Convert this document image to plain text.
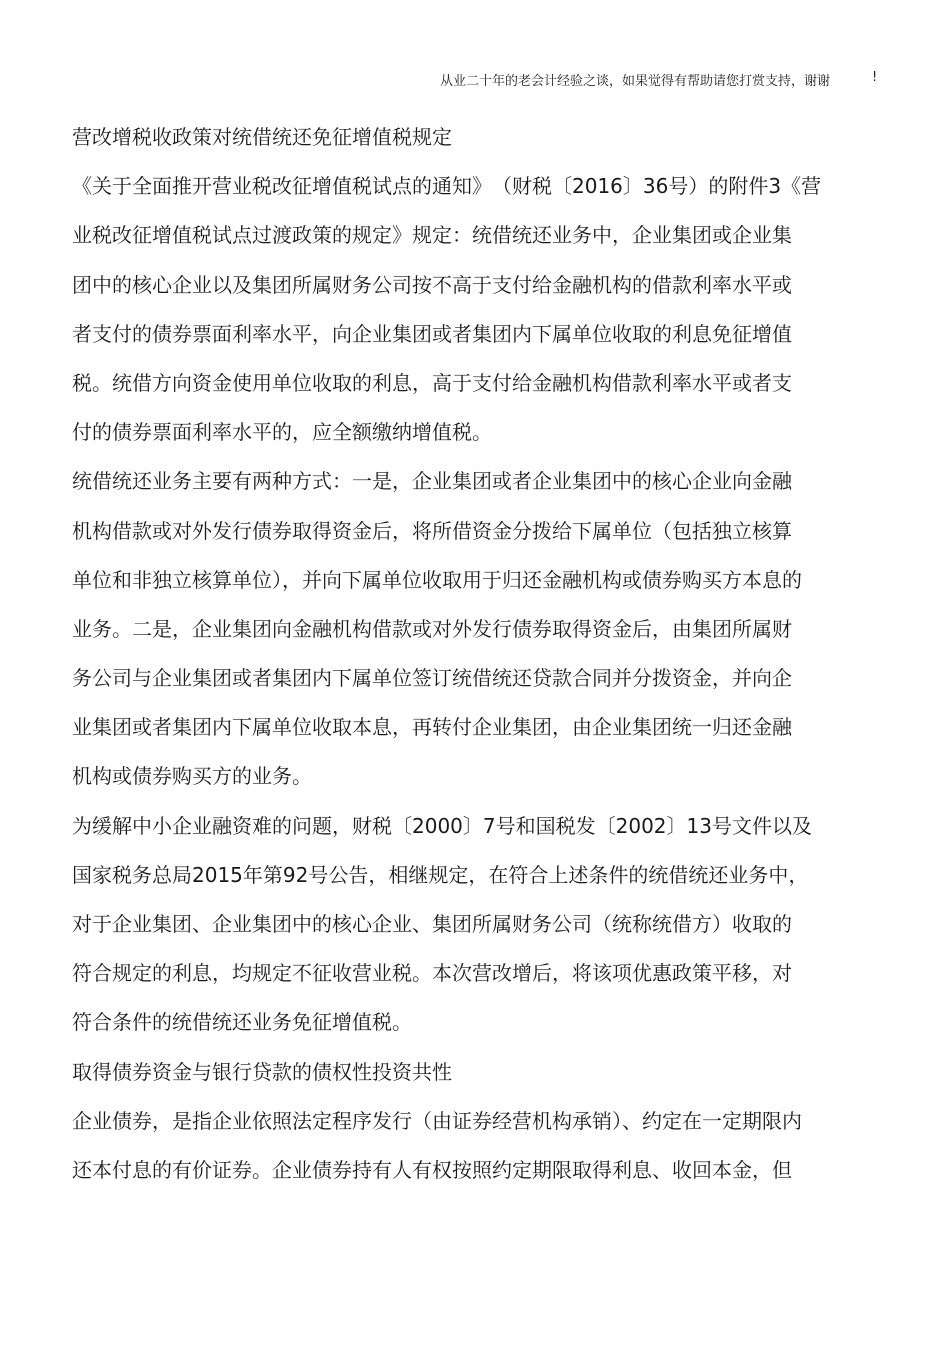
从业二十年的老会计经验之谈，如果觉得有帮助请您打赏支持，谢谢	!
营改增税收政策对统借统还免征增值税规定
《关于全面推开营业税改征增值税试点的通知》　（财税〔2016〕36号）的附件3《营
业税改征增值税试点过渡政策的规定》规定：统借统还业务中，企业集团或企业集
团中的核心企业以及集团所属财务公司按不高于支付给金融机构的借款利率水平或
者支付的债券票面利率水平，向企业集团或者集团内下属单位收取的利息免征增值
税。统借方向资金使用单位收取的利息，高于支付给金融机构借款利率水平或者支
付的债券票面利率水平的，应全额缴纳增值税。
统借统还业务主要有两种方式：一是，企业集团或者企业集团中的核心企业向金融
机构借款或对外发行债券取得资金后，将所借资金分拨给下属单位（包括独立核算
单位和非独立核算单位），并向下属单位收取用于归还金融机构或债券购买方本息的
业务。二是，企业集团向金融机构借款或对外发行债券取得资金后，由集团所属财
务公司与企业集团或者集团内下属单位签订统借统还贷款合同并分拨资金，并向企
业集团或者集团内下属单位收取本息，再转付企业集团，由企业集团统一归还金融
机构或债券购买方的业务。
为缓解中小企业融资难的问题，财税〔2000〕7号和国税发〔2002〕13号文件以及
国家税务总局2015年第92号公告，相继规定，在符合上述条件的统借统还业务中，
对于企业集团、企业集团中的核心企业、集团所属财务公司（统称统借方）收取的
符合规定的利息，均规定不征收营业税。本次营改增后，将该项优惠政策平移，对
符合条件的统借统还业务免征增值税。
取得债券资金与银行贷款的债权性投资共性
企业债券，是指企业依照法定程序发行（由证券经营机构承销）、约定在一定期限内
还本付息的有价证券。企业债券持有人有权按照约定期限取得利息、收回本金，但
